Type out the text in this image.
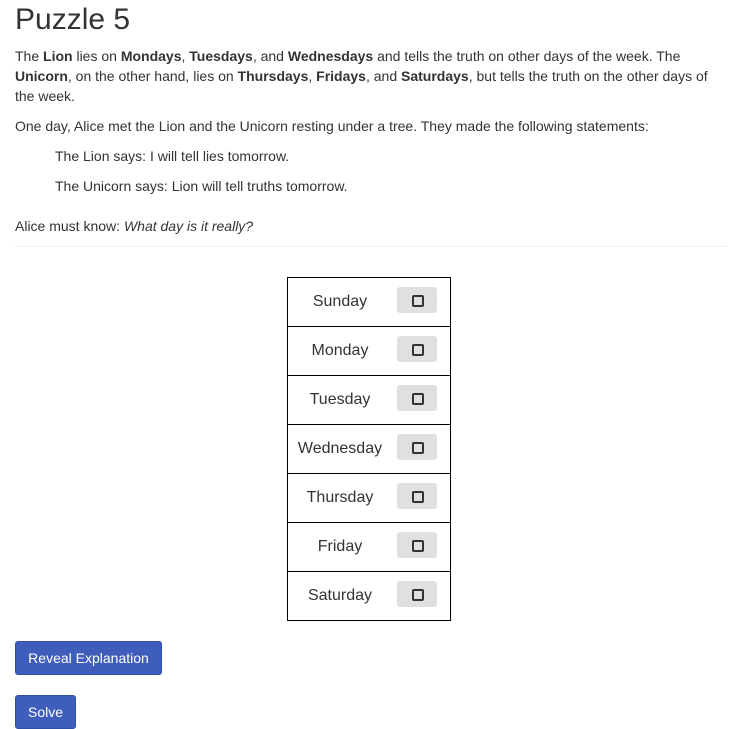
Puzzle 5

The Lion lies on Mondays, Tuesdays, and Wednesdays and tells the truth on other days of the week. The Unicorn, on the other hand, lies on Thursdays, Fridays, and Saturdays, but tells the truth on the other days of the week.

One day, Alice met the Lion and the Unicorn resting under a tree. They made the following statements:

The Lion says: I will tell lies tomorrow.

The Unicorn says: Lion will tell truths tomorrow.

Alice must know: What day is it really?

Sunday	
Monday	
Tuesday	
Wednesday	
Thursday	
Friday	
Saturday	
Reveal Explanation
Solve
